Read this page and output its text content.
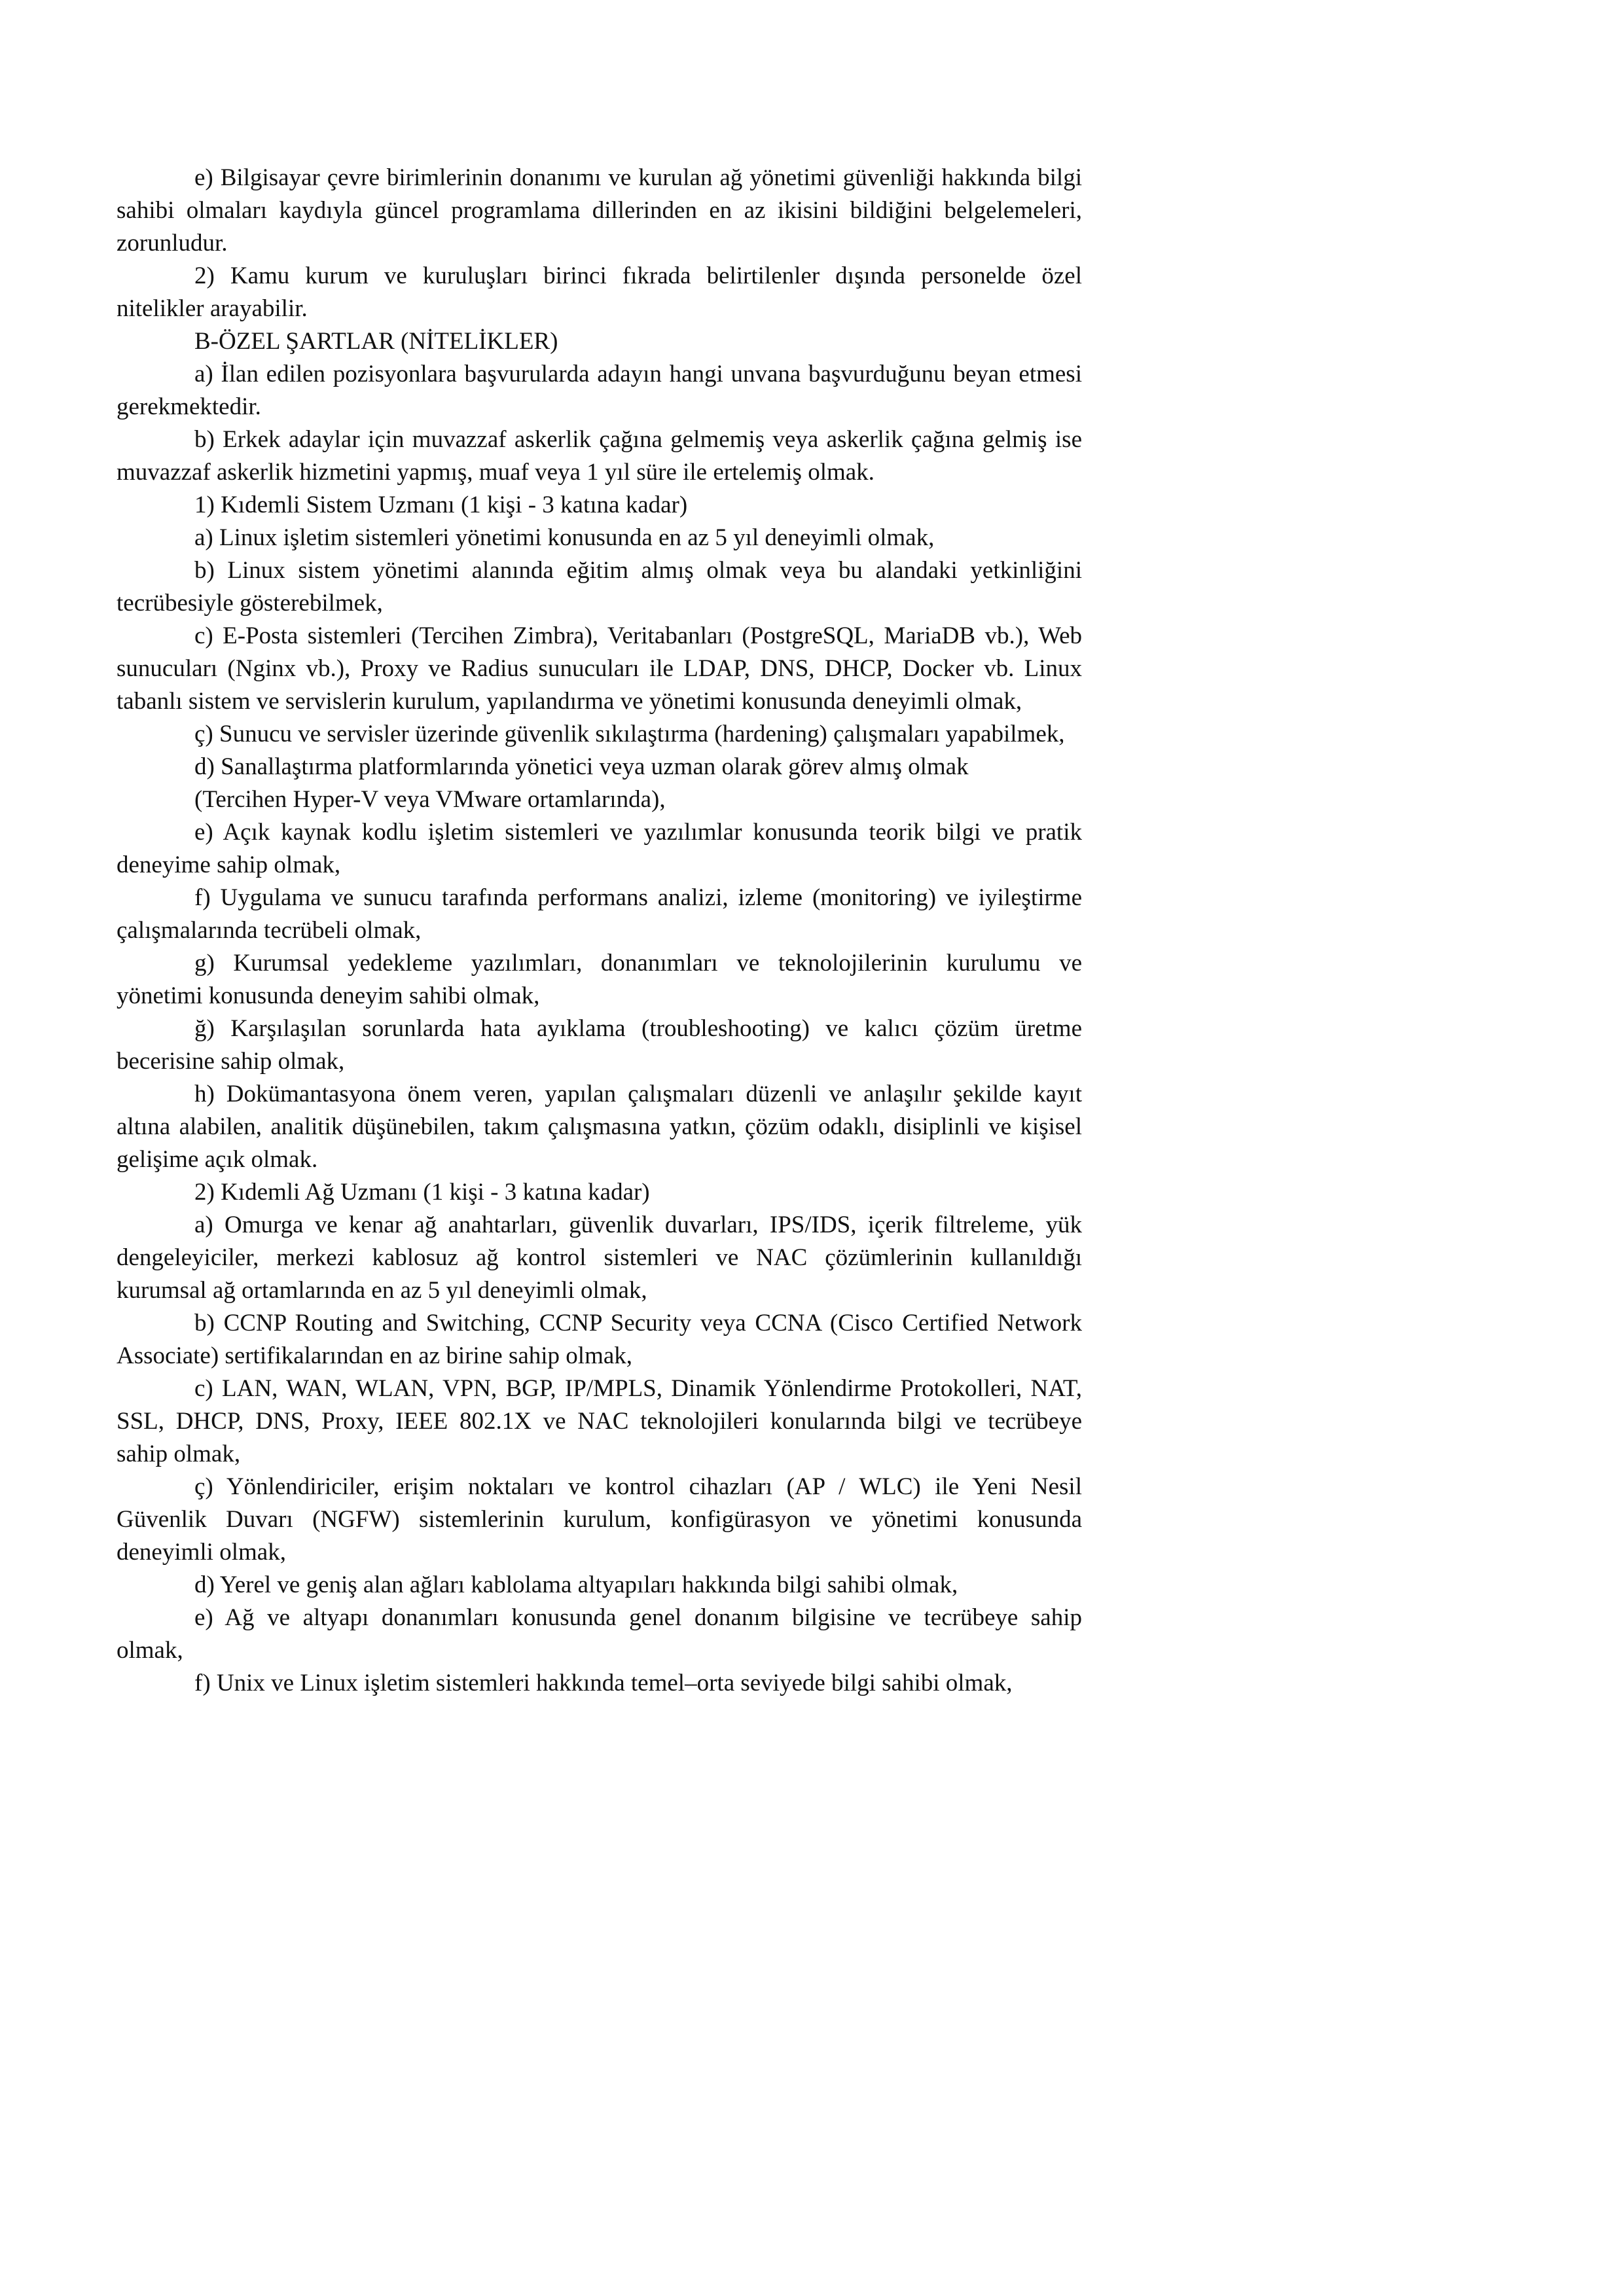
e) Bilgisayar çevre birimlerinin donanımı ve kurulan ağ yönetimi güvenliği hakkında bilgi
sahibi olmaları kaydıyla güncel programlama dillerinden en az ikisini bildiğini belgelemeleri,
zorunludur.
2) Kamu kurum ve kuruluşları birinci fıkrada belirtilenler dışında personelde özel
nitelikler arayabilir.
B-ÖZEL ŞARTLAR (NİTELİKLER)
a) İlan edilen pozisyonlara başvurularda adayın hangi unvana başvurduğunu beyan etmesi
gerekmektedir.
b) Erkek adaylar için muvazzaf askerlik çağına gelmemiş veya askerlik çağına gelmiş ise
muvazzaf askerlik hizmetini yapmış, muaf veya 1 yıl süre ile ertelemiş olmak.
1) Kıdemli Sistem Uzmanı (1 kişi - 3 katına kadar)
a) Linux işletim sistemleri yönetimi konusunda en az 5 yıl deneyimli olmak,
b) Linux sistem yönetimi alanında eğitim almış olmak veya bu alandaki yetkinliğini
tecrübesiyle gösterebilmek,
c) E-Posta sistemleri (Tercihen Zimbra), Veritabanları (PostgreSQL, MariaDB vb.), Web
sunucuları (Nginx vb.), Proxy ve Radius sunucuları ile LDAP, DNS, DHCP, Docker vb. Linux
tabanlı sistem ve servislerin kurulum, yapılandırma ve yönetimi konusunda deneyimli olmak,
ç) Sunucu ve servisler üzerinde güvenlik sıkılaştırma (hardening) çalışmaları yapabilmek,
d) Sanallaştırma platformlarında yönetici veya uzman olarak görev almış olmak
(Tercihen Hyper-V veya VMware ortamlarında),
e) Açık kaynak kodlu işletim sistemleri ve yazılımlar konusunda teorik bilgi ve pratik
deneyime sahip olmak,
f) Uygulama ve sunucu tarafında performans analizi, izleme (monitoring) ve iyileştirme
çalışmalarında tecrübeli olmak,
g) Kurumsal yedekleme yazılımları, donanımları ve teknolojilerinin kurulumu ve
yönetimi konusunda deneyim sahibi olmak,
ğ) Karşılaşılan sorunlarda hata ayıklama (troubleshooting) ve kalıcı çözüm üretme
becerisine sahip olmak,
h) Dokümantasyona önem veren, yapılan çalışmaları düzenli ve anlaşılır şekilde kayıt
altına alabilen, analitik düşünebilen, takım çalışmasına yatkın, çözüm odaklı, disiplinli ve kişisel
gelişime açık olmak.
2) Kıdemli Ağ Uzmanı (1 kişi - 3 katına kadar)
a) Omurga ve kenar ağ anahtarları, güvenlik duvarları, IPS/IDS, içerik filtreleme, yük
dengeleyiciler, merkezi kablosuz ağ kontrol sistemleri ve NAC çözümlerinin kullanıldığı
kurumsal ağ ortamlarında en az 5 yıl deneyimli olmak,
b) CCNP Routing and Switching, CCNP Security veya CCNA (Cisco Certified Network
Associate) sertifikalarından en az birine sahip olmak,
c) LAN, WAN, WLAN, VPN, BGP, IP/MPLS, Dinamik Yönlendirme Protokolleri, NAT,
SSL, DHCP, DNS, Proxy, IEEE 802.1X ve NAC teknolojileri konularında bilgi ve tecrübeye
sahip olmak,
ç) Yönlendiriciler, erişim noktaları ve kontrol cihazları (AP / WLC) ile Yeni Nesil
Güvenlik Duvarı (NGFW) sistemlerinin kurulum, konfigürasyon ve yönetimi konusunda
deneyimli olmak,
d) Yerel ve geniş alan ağları kablolama altyapıları hakkında bilgi sahibi olmak,
e) Ağ ve altyapı donanımları konusunda genel donanım bilgisine ve tecrübeye sahip
olmak,
f) Unix ve Linux işletim sistemleri hakkında temel–orta seviyede bilgi sahibi olmak,
